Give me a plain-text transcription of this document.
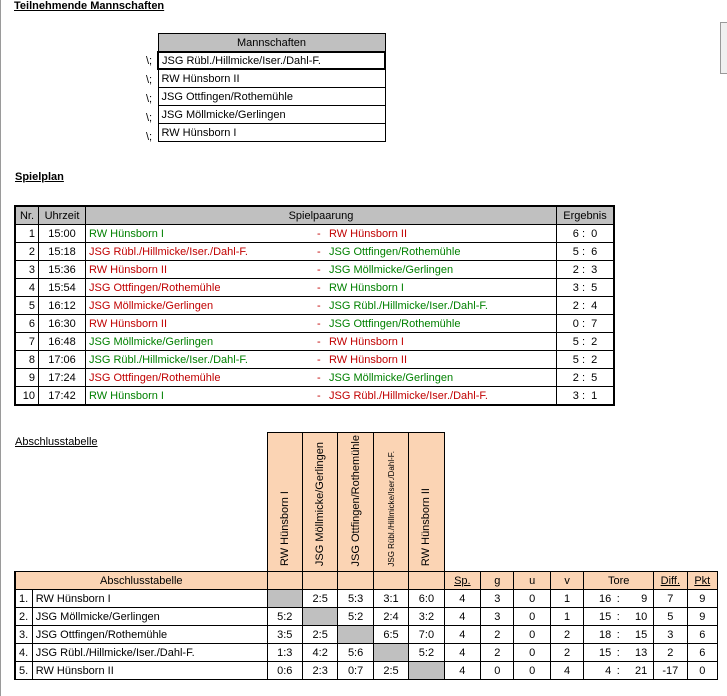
Teilnehmende Mannschaften
\;
\;
\;
\;
\;
Mannschaften
JSG Rübl./Hillmicke/Iser./Dahl-F.
RW Hünsborn II
JSG Ottfingen/Rothemühle
JSG Möllmicke/Gerlingen
RW Hünsborn I
Spielplan
Nr.	Uhrzeit	Spielpaarung	Ergebnis
1	15:00	RW Hünsborn I - RW Hünsborn II	6 :  0
2	15:18	JSG Rübl./Hillmicke/Iser./Dahl-F. - JSG Ottfingen/Rothemühle	5 :  6
3	15:36	RW Hünsborn II - JSG Möllmicke/Gerlingen	2 :  3
4	15:54	JSG Ottfingen/Rothemühle - RW Hünsborn I	3 :  5
5	16:12	JSG Möllmicke/Gerlingen - JSG Rübl./Hillmicke/Iser./Dahl-F.	2 :  4
6	16:30	RW Hünsborn II - JSG Ottfingen/Rothemühle	0 :  7
7	16:48	JSG Möllmicke/Gerlingen - RW Hünsborn I	5 :  2
8	17:06	JSG Rübl./Hillmicke/Iser./Dahl-F. - RW Hünsborn II	5 :  2
9	17:24	JSG Ottfingen/Rothemühle - JSG Möllmicke/Gerlingen	2 :  5
10	17:42	RW Hünsborn I - JSG Rübl./Hillmicke/Iser./Dahl-F.	3 :  1
Abschlusstabelle
		RW Hünsborn I	JSG Möllmicke/Gerlingen	JSG Ottfingen/Rothemühle	JSG Rübl./Hillmicke/Iser./Dahl-F.	RW Hünsborn II							
Abschlusstabelle							Sp.	g	u	v	Tore	Diff.	Pkt
1.	RW Hünsborn I		2:5	5:3	3:1	6:0	4	3	0	1	16 : 9	7	9
2.	JSG Möllmicke/Gerlingen	5:2		5:2	2:4	3:2	4	3	0	1	15 : 10	5	9
3.	JSG Ottfingen/Rothemühle	3:5	2:5		6:5	7:0	4	2	0	2	18 : 15	3	6
4.	JSG Rübl./Hillmicke/Iser./Dahl-F.	1:3	4:2	5:6		5:2	4	2	0	2	15 : 13	2	6
5.	RW Hünsborn II	0:6	2:3	0:7	2:5		4	0	0	4	4 : 21	-17	0
